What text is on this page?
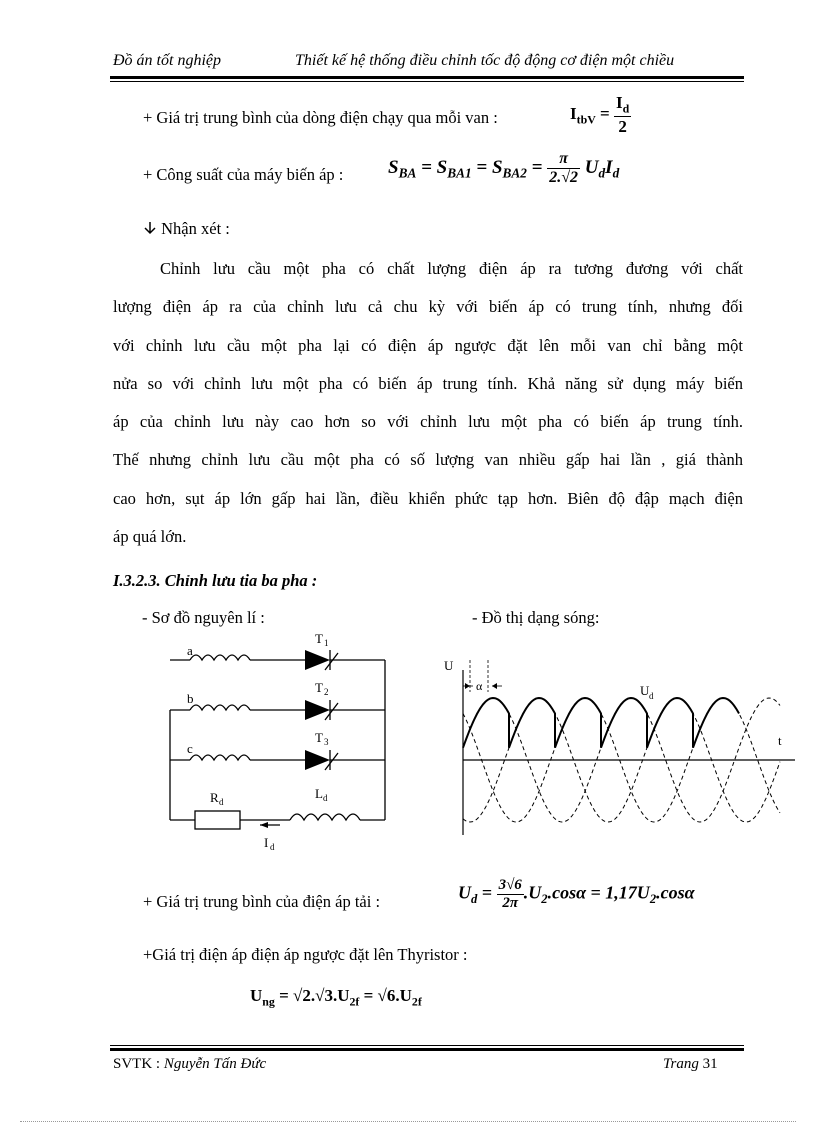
Đồ án tốt nghiệp	Thiết kế hệ thống điều chỉnh tốc độ động cơ điện một chiều
+ Giá trị trung bình của dòng điện chạy qua mỗi van :	$I_{tbV} = \frac{I_d}{2}$
+ Công suất của máy biến áp : $S_{BA} = S_{BA1} = S_{BA2} = \frac{\pi}{2.√2} U_dI_d$
Nhận xét :
Chỉnh lưu cầu một pha có chất lượng điện áp ra tương đương với chất
lượng điện áp ra của chỉnh lưu cả chu kỳ với biến áp có trung tính, nhưng đối
với chỉnh lưu cầu một pha lại có điện áp ngược đặt lên mỗi van chỉ bằng một
nửa so với chỉnh lưu một pha có biến áp trung tính. Khả năng sử dụng máy biến
áp của chỉnh lưu này cao hơn so với chỉnh lưu một pha có biến áp trung tính.
Thế nhưng chỉnh lưu cầu một pha có số lượng van nhiều gấp hai lần , giá thành
cao hơn, sụt áp lớn gấp hai lần, điều khiển phức tạp hơn. Biên độ đập mạch điện
áp quá lớn.
I.3.2.3. Chỉnh lưu tia ba pha :
- Sơ đồ nguyên lí :	- Đồ thị dạng sóng:
a
b
c
T 1
T 2
T 3
R d
L d
I d
U
t
α	U d
+ Giá trị trung bình của điện áp tải :	$U_d = \frac{3√6}{2\pi} .U_2.\cos\alpha = 1,17U_2.\cos\alpha$
+Giá trị điện áp điện áp ngược đặt lên Thyristor :
$U_{ng} = √2.√3.U_{2f} = √6.U_{2f}$
SVTK : Nguyễn Tấn Đức	Trang 31
